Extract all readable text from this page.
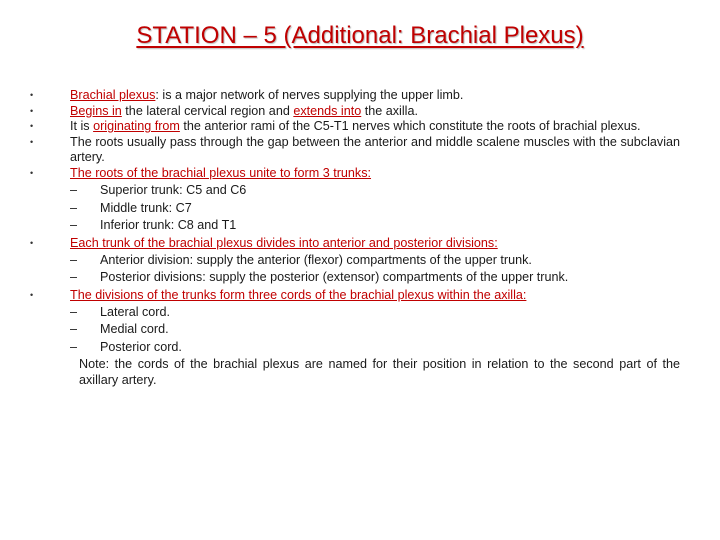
STATION – 5 (Additional: Brachial Plexus)
•	Brachial plexus: is a major network of nerves supplying the upper limb.
•	Begins in the lateral cervical region and extends into the axilla.
•	It is originating from the anterior rami of the C5-T1 nerves which constitute the roots of brachial plexus.
•	The roots usually pass through the gap between the anterior and middle scalene muscles with the subclavian artery.
•	The roots of the brachial plexus unite to form 3 trunks:
– Superior trunk: C5 and C6
– Middle trunk: C7
– Inferior trunk: C8 and T1
•	Each trunk of the brachial plexus divides into anterior and posterior divisions:
– Anterior division: supply the anterior (flexor) compartments of the upper trunk.
– Posterior divisions: supply the posterior (extensor) compartments of the upper trunk.
•	The divisions of the trunks form three cords of the brachial plexus within the axilla:
– Lateral cord.
– Medial cord.
– Posterior cord.
Note: the cords of the brachial plexus are named for their position in relation to the second part of the axillary artery.
